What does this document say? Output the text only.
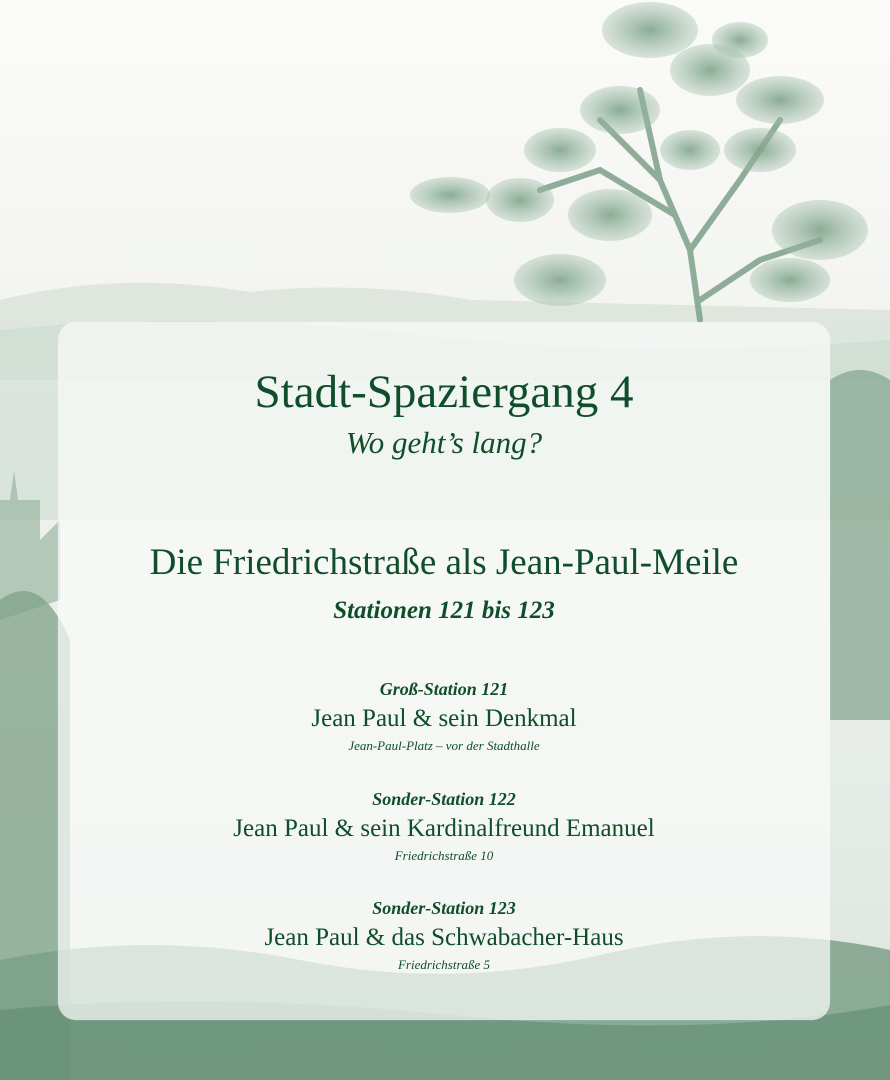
Stadt-Spaziergang 4
Wo geht’s lang?
Die Friedrichstraße als Jean-Paul-Meile
Stationen 121 bis 123
Groß-Station 121
Jean Paul & sein Denkmal
Jean-Paul-Platz – vor der Stadthalle
Sonder-Station 122
Jean Paul & sein Kardinalfreund Emanuel
Friedrichstraße 10
Sonder-Station 123
Jean Paul & das Schwabacher-Haus
Friedrichstraße 5
